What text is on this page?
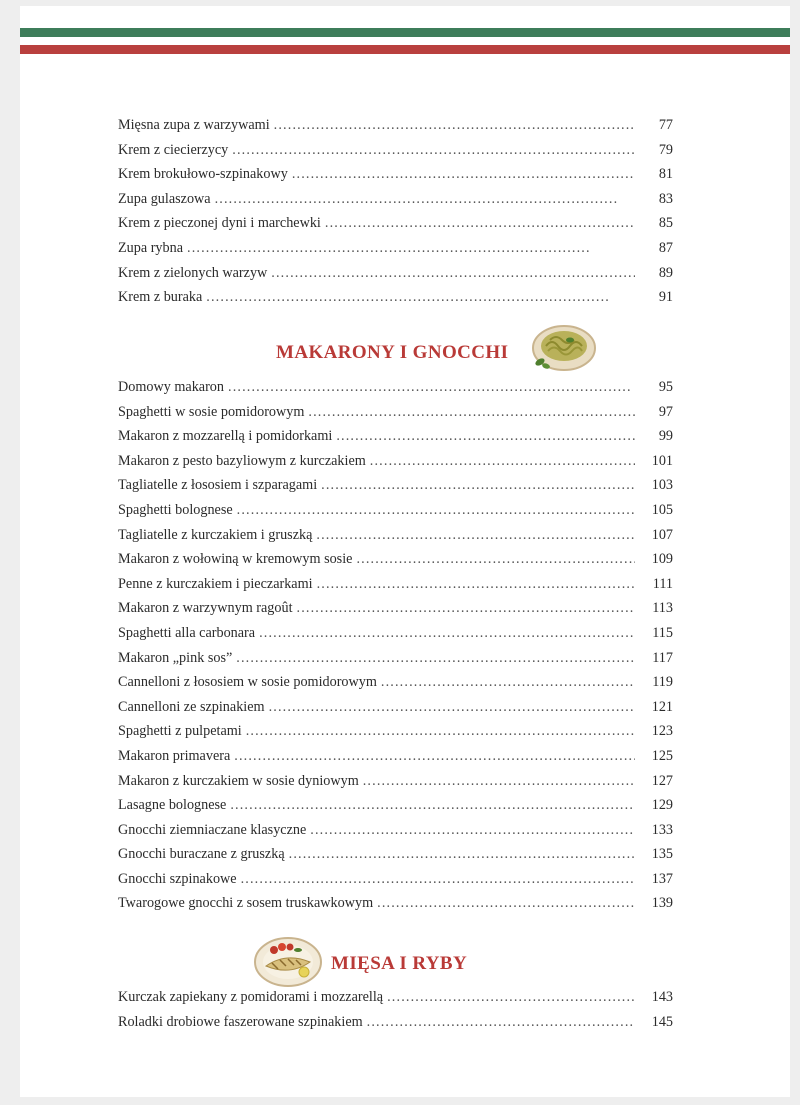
Mięsna zupa z warzywami . . .	77
Krem z ciecierzycy . . .	79
Krem brokułowo-szpinakowy . . .	81
Zupa gulaszowa . . .	83
Krem z pieczonej dyni i marchewki . . .	85
Zupa rybna . . .	87
Krem z zielonych warzyw . . .	89
Krem z buraka . . .	91
MAKARONY I GNOCCHI
Domowy makaron . . .	95
Spaghetti w sosie pomidorowym . . .	97
Makaron z mozzarellą i pomidorkami . . .	99
Makaron z pesto bazyliowym z kurczakiem . . .	101
Tagliatelle z łososiem i szparagami . . .	103
Spaghetti bolognese . . .	105
Tagliatelle z kurczakiem i gruszką . . .	107
Makaron z wołowiną w kremowym sosie . . .	109
Penne z kurczakiem i pieczarkami . . .	111
Makaron z warzywnym ragoût . . .	113
Spaghetti alla carbonara . . .	115
Makaron „pink sos” . . .	117
Cannelloni z łososiem w sosie pomidorowym . . .	119
Cannelloni ze szpinakiem . . .	121
Spaghetti z pulpetami . . .	123
Makaron primavera . . .	125
Makaron z kurczakiem w sosie dyniowym . . .	127
Lasagne bolognese . . .	129
Gnocchi ziemniaczane klasyczne . . .	133
Gnocchi buraczane z gruszką . . .	135
Gnocchi szpinakowe . . .	137
Twarogowe gnocchi z sosem truskawkowym . . .	139
MIĘSA I RYBY
Kurczak zapiekany z pomidorami i mozzarellą . . .	143
Roladki drobiowe faszerowane szpinakiem . . .	145
